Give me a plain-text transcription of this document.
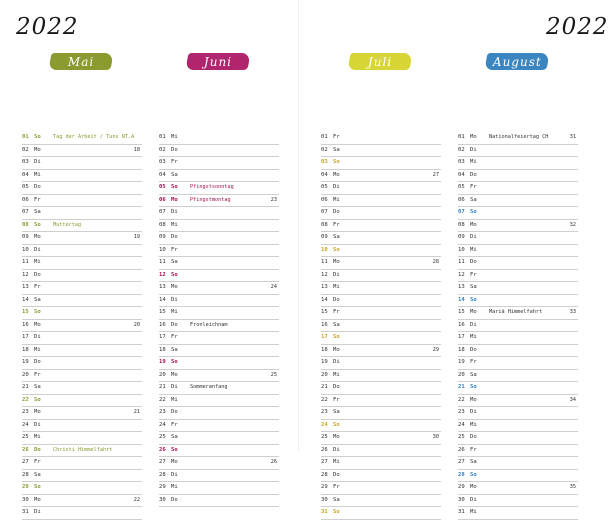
2022	2022
Mai
01 So Tag der Arbeit / Tuns NT.A
02 Mo	18
03 Di
04 Mi
05 Do
06 Fr
07 Sa
08 So Muttertag
09 Mo	19
10 Di
11 Mi
12 Do
13 Fr
14 Sa
15 So
16 Mo	20
17 Di
18 Mi
19 Do
20 Fr
21 Sa
22 So
23 Mo	21
24 Di
25 Mi
26 Do Christi Himmelfahrt
27 Fr
28 Sa
29 So
30 Mo	22
31 Di
Juni
01 Mi
02 Do
03 Fr
04 Sa
05 So Pfingstsonntag
06 Mo Pfingstmontag	23
07 Di
08 Mi
09 Do
10 Fr
11 Sa
12 So
13 Mo	24
14 Di
15 Mi
16 Do Fronleichnam
17 Fr
18 Sa
19 So
20 Mo	25
21 Di Sommeranfang
22 Mi
23 Do
24 Fr
25 Sa
26 So
27 Mo	26
28 Di
29 Mi
30 Do
Juli
01 Fr
02 Sa
03 So
04 Mo	27
05 Di
06 Mi
07 Do
08 Fr
09 Sa
10 So
11 Mo	28
12 Di
13 Mi
14 Do
15 Fr
16 Sa
17 So
18 Mo	29
19 Di
20 Mi
21 Do
22 Fr
23 Sa
24 So
25 Mo	30
26 Di
27 Mi
28 Do
29 Fr
30 Sa
31 So
August
01 Mo Nationalfeiertag CH	31
02 Di
03 Mi
04 Do
05 Fr
06 Sa
07 So
08 Mo	32
09 Di
10 Mi
11 Do
12 Fr
13 Sa
14 So
15 Mo Mariä Himmelfahrt	33
16 Di
17 Mi
18 Do
19 Fr
20 Sa
21 So
22 Mo	34
23 Di
24 Mi
25 Do
26 Fr
27 Sa
28 So
29 Mo	35
30 Di
31 Mi
